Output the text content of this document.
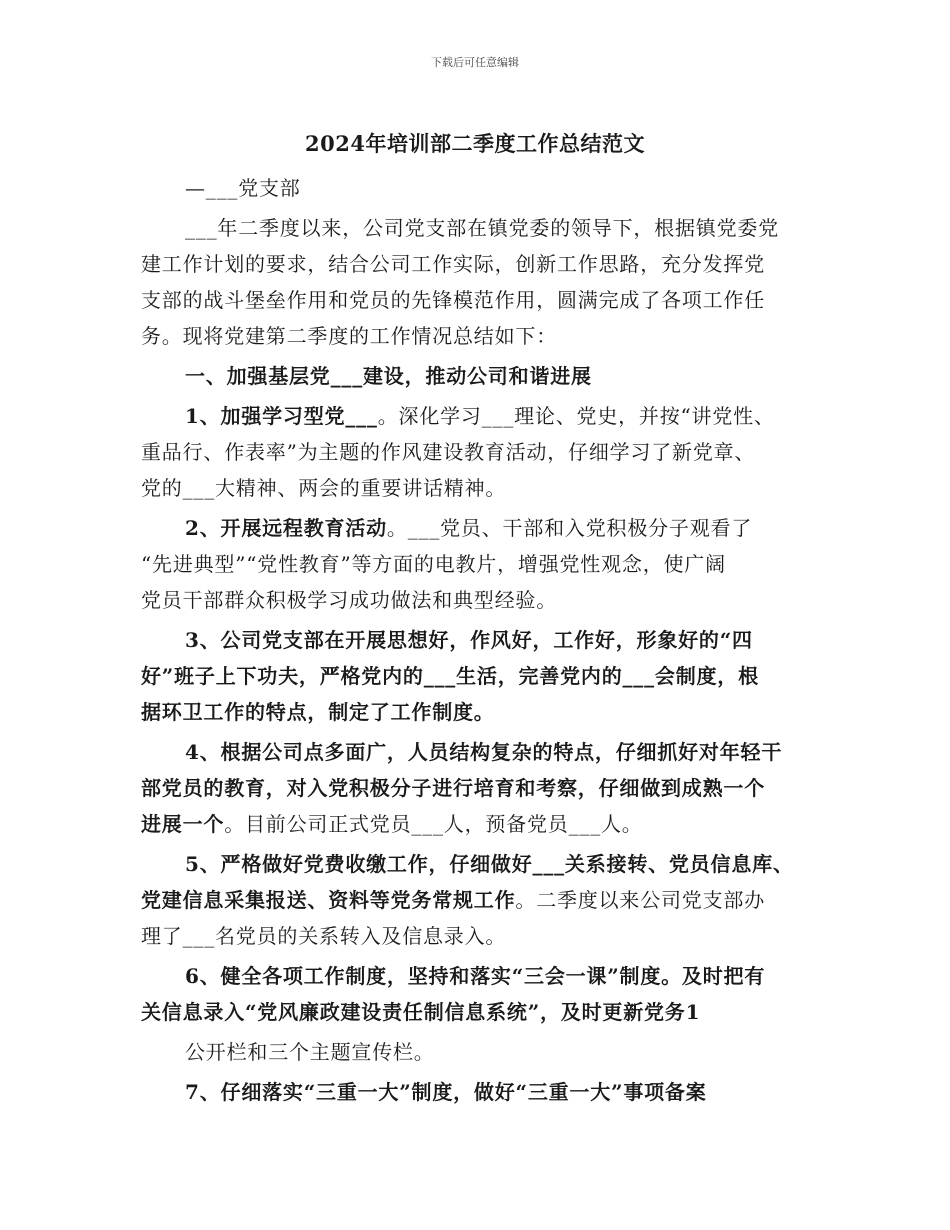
下载后可任意编辑
2024年培训部二季度工作总结范文

—___党支部

___年二季度以来，公司党支部在镇党委的领导下，根据镇党委党

建工作计划的要求，结合公司工作实际，创新工作思路，充分发挥党

支部的战斗堡垒作用和党员的先锋模范作用，圆满完成了各项工作任

务。现将党建第二季度的工作情况总结如下：

一、加强基层党___建设，推动公司和谐进展

1、加强学习型党___。深化学习___理论、党史，并按“讲党性、

重品行、作表率”为主题的作风建设教育活动，仔细学习了新党章、

党的___大精神、两会的重要讲话精神。

2、开展远程教育活动。___党员、干部和入党积极分子观看了

“先进典型”“党性教育”等方面的电教片，增强党性观念，使广阔

党员干部群众积极学习成功做法和典型经验。

3、公司党支部在开展思想好，作风好，工作好，形象好的“四

好”班子上下功夫，严格党内的___生活，完善党内的___会制度，根

据环卫工作的特点，制定了工作制度。

4、根据公司点多面广，人员结构复杂的特点，仔细抓好对年轻干

部党员的教育，对入党积极分子进行培育和考察，仔细做到成熟一个

进展一个。目前公司正式党员___人，预备党员___人。

5、严格做好党费收缴工作，仔细做好___关系接转、党员信息库、

党建信息采集报送、资料等党务常规工作。二季度以来公司党支部办

理了___名党员的关系转入及信息录入。

6、健全各项工作制度，坚持和落实“三会一课”制度。及时把有

关信息录入“党风廉政建设责任制信息系统”，及时更新党务1

公开栏和三个主题宣传栏。

7、仔细落实“三重一大”制度，做好“三重一大”事项备案
